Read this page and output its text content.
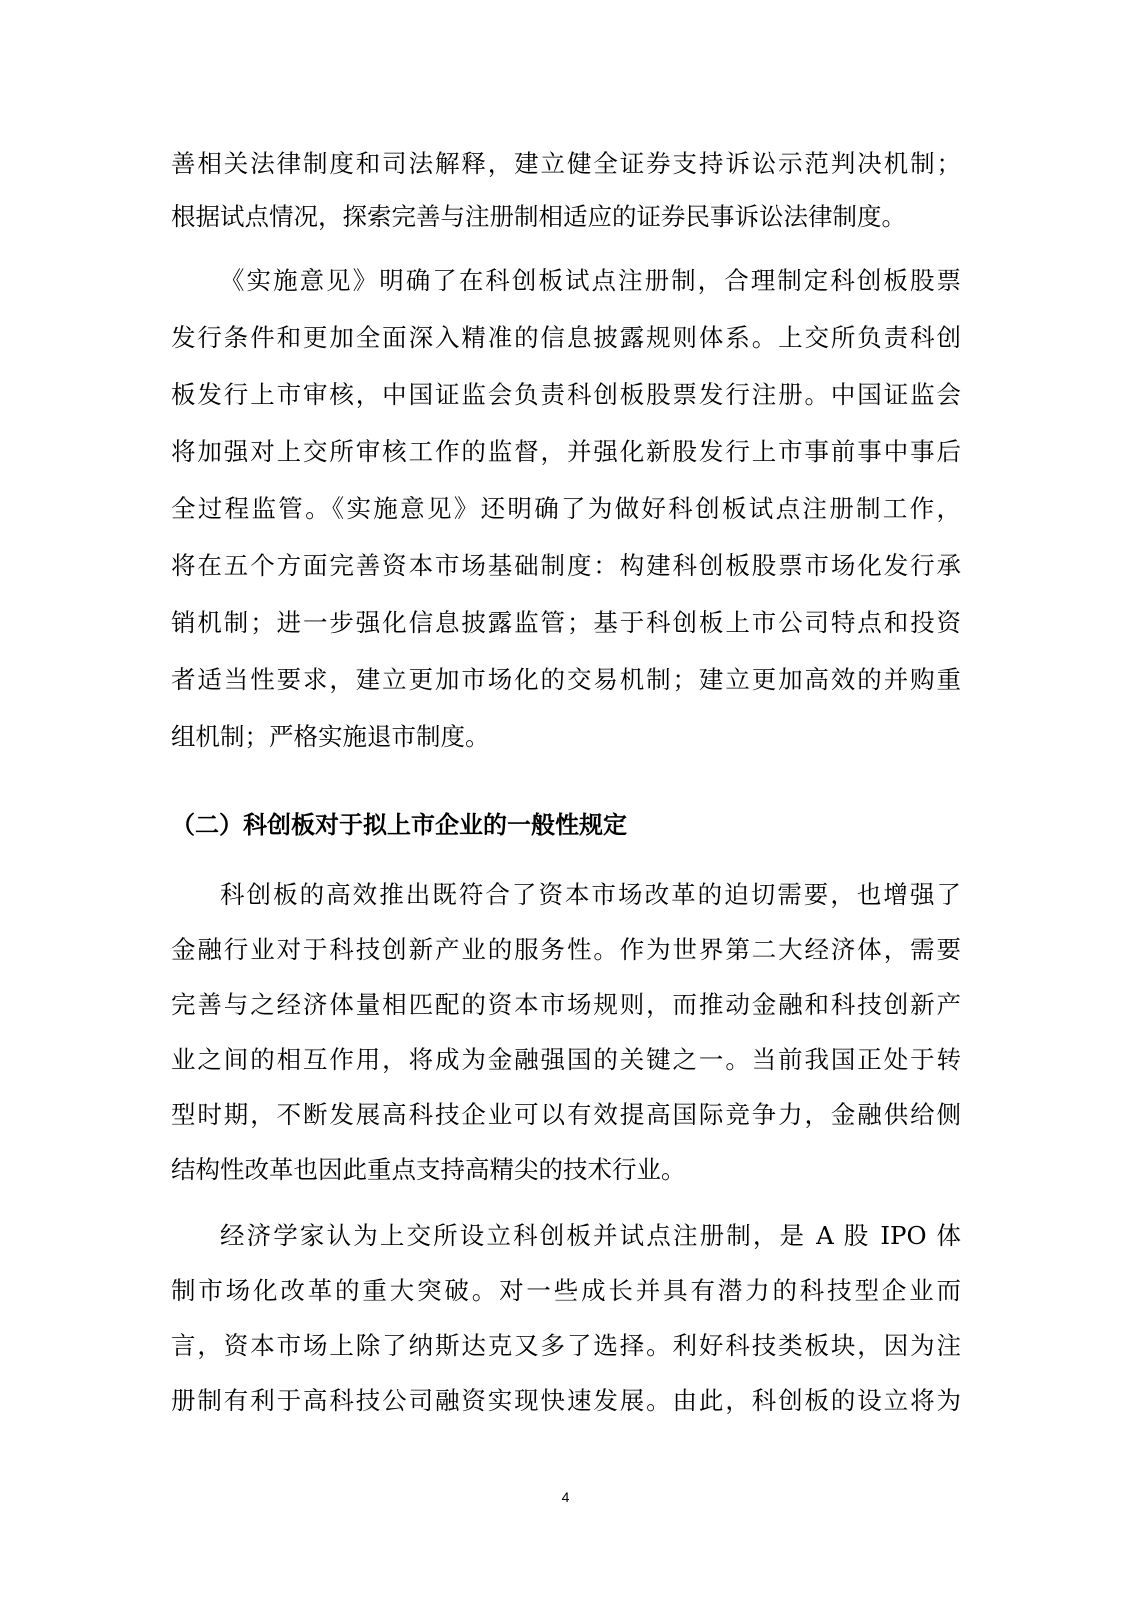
善相关法律制度和司法解释，建立健全证券支持诉讼示范判决机制；
根据试点情况，探索完善与注册制相适应的证券民事诉讼法律制度。
《实施意见》明确了在科创板试点注册制，合理制定科创板股票
发行条件和更加全面深入精准的信息披露规则体系。上交所负责科创
板发行上市审核，中国证监会负责科创板股票发行注册。中国证监会
将加强对上交所审核工作的监督，并强化新股发行上市事前事中事后
全过程监管。《实施意见》还明确了为做好科创板试点注册制工作，
将在五个方面完善资本市场基础制度：构建科创板股票市场化发行承
销机制；进一步强化信息披露监管；基于科创板上市公司特点和投资
者适当性要求，建立更加市场化的交易机制；建立更加高效的并购重
组机制；严格实施退市制度。
（二）科创板对于拟上市企业的一般性规定
科创板的高效推出既符合了资本市场改革的迫切需要，也增强了
金融行业对于科技创新产业的服务性。作为世界第二大经济体，需要
完善与之经济体量相匹配的资本市场规则，而推动金融和科技创新产
业之间的相互作用，将成为金融强国的关键之一。当前我国正处于转
型时期，不断发展高科技企业可以有效提高国际竞争力，金融供给侧
结构性改革也因此重点支持高精尖的技术行业。
经济学家认为上交所设立科创板并试点注册制，是 A 股 IPO 体
制市场化改革的重大突破。对一些成长并具有潜力的科技型企业而
言，资本市场上除了纳斯达克又多了选择。利好科技类板块，因为注
册制有利于高科技公司融资实现快速发展。由此，科创板的设立将为
4
